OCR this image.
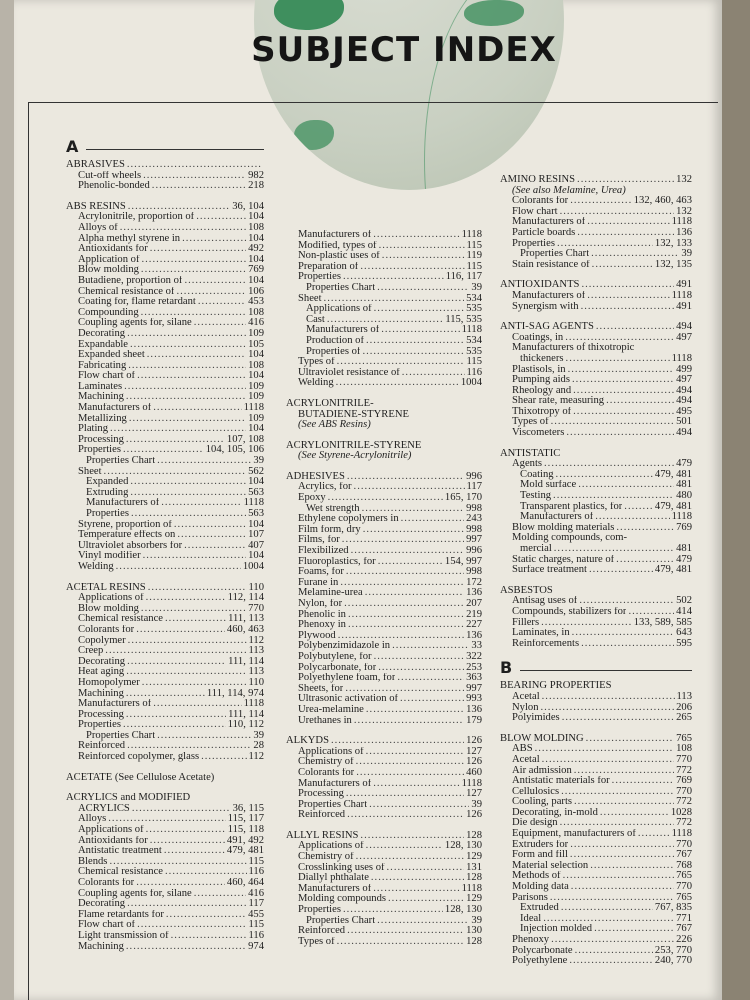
SUBJECT INDEX
A
ABRASIVES
.....
Cut-off wheels .....	982
Phenolic-bonded .....	218
ABS RESINS .....	36, 104
Acrylonitrile, proportion of .....	104
Alloys of .....	108
Alpha methyl styrene in .....	104
Antioxidants for .....	492
Application of .....	104
Blow molding .....	769
Butadiene, proportion of .....	104
Chemical resistance of .....	106
Coating for, flame retardant .....	453
Compounding .....	108
Coupling agents for, silane .....	416
Decorating .....	109
Expandable .....	105
Expanded sheet .....	104
Fabricating .....	108
Flow chart of .....	104
Laminates .....	109
Machining .....	109
Manufacturers of .....	1118
Metallizing .....	109
Plating .....	104
Processing .....	107, 108
Properties .....	104, 105, 106
Properties Chart .....	39
Sheet .....	562
Expanded .....	104
Extruding .....	563
Manufacturers of .....	1118
Properties .....	563
Styrene, proportion of .....	104
Temperature effects on .....	107
Ultraviolet absorbers for .....	407
Vinyl modifier .....	104
Welding .....	1004
ACETAL RESINS .....	110
Applications of .....	112, 114
Blow molding .....	770
Chemical resistance .....	111, 113
Colorants for .....	460, 463
Copolymer .....	112
Creep .....	113
Decorating .....	111, 114
Heat aging .....	113
Homopolymer .....	110
Machining .....	111, 114, 974
Manufacturers of .....	1118
Processing .....	111, 114
Properties .....	110, 112
Properties Chart .....	39
Reinforced .....	28
Reinforced copolymer, glass .....	112
ACETATE (See Cellulose Acetate)
ACRYLICS and MODIFIED
ACRYLICS .....	36, 115
Alloys .....	115, 117
Applications of .....	115, 118
Antioxidants for .....	491, 492
Antistatic treatment .....	479, 481
Blends .....	115
Chemical resistance .....	116
Colorants for .....	460, 464
Coupling agents for, silane .....	416
Decorating .....	117
Flame retardants for .....	455
Flow chart of .....	115
Light transmission of .....	116
Machining .....	974
Manufacturers of .....	1118
Modified, types of .....	115
Non-plastic uses of .....	119
Preparation of .....	115
Properties .....	116, 117
Properties Chart .....	39
Sheet .....	534
Applications of .....	535
Cast .....	115, 535
Manufacturers of .....	1118
Production of .....	534
Properties of .....	535
Types of .....	115
Ultraviolet resistance of .....	116
Welding .....	1004
ACRYLONITRILE-
BUTADIENE-STYRENE
(See ABS Resins)
ACRYLONITRILE-STYRENE
(See Styrene-Acrylonitrile)
ADHESIVES .....	996
Acrylics, for .....	117
Epoxy .....	165, 170
Wet strength .....	998
Ethylene copolymers in .....	243
Film form, dry .....	998
Films, for .....	997
Flexibilized .....	996
Fluoroplastics, for .....	154, 997
Foams, for .....	998
Furane in .....	172
Melamine-urea .....	136
Nylon, for .....	207
Phenolic in .....	219
Phenoxy in .....	227
Plywood .....	136
Polybenzimidazole in .....	33
Polybutylene, for .....	322
Polycarbonate, for .....	253
Polyethylene foam, for .....	363
Sheets, for .....	997
Ultrasonic activation of .....	993
Urea-melamine .....	136
Urethanes in .....	179
ALKYDS .....	126
Applications of .....	127
Chemistry of .....	126
Colorants for .....	460
Manufacturers of .....	1118
Processing .....	127
Properties Chart .....	39
Reinforced .....	126
ALLYL RESINS .....	128
Applications of .....	128, 130
Chemistry of .....	129
Crosslinking uses of .....	131
Diallyl phthalate .....	128
Manufacturers of .....	1118
Molding compounds .....	129
Properties .....	128, 130
Properties Chart .....	39
Reinforced .....	130
Types of .....	128
AMINO RESINS .....	132
(See also Melamine, Urea)
Colorants for .....	132, 460, 463
Flow chart .....	132
Manufacturers of .....	1118
Particle boards .....	136
Properties .....	132, 133
Properties Chart .....	39
Stain resistance of .....	132, 135
ANTIOXIDANTS .....	491
Manufacturers of .....	1118
Synergism with .....	491
ANTI-SAG AGENTS .....	494
Coatings, in .....	497
Manufacturers of thixotropic
thickeners .....	1118
Plastisols, in .....	499
Pumping aids .....	497
Rheology and .....	494
Shear rate, measuring .....	494
Thixotropy of .....	495
Types of .....	501
Viscometers .....	494
ANTISTATIC
Agents .....	479
Coating .....	479, 481
Mold surface .....	481
Testing .....	480
Transparent plastics, for .....	479, 481
Manufacturers of .....	1118
Blow molding materials .....	769
Molding compounds, com-
mercial .....	481
Static charges, nature of .....	479
Surface treatment .....	479, 481
ASBESTOS
Antisag uses of .....	502
Compounds, stabilizers for .....	414
Fillers .....	133, 589, 585
Laminates, in .....	643
Reinforcements .....	595
B
BEARING PROPERTIES
Acetal .....	113
Nylon .....	206
Polyimides .....	265
BLOW MOLDING .....	765
ABS .....	108
Acetal .....	770
Air admission .....	772
Antistatic materials for .....	769
Cellulosics .....	770
Cooling, parts .....	772
Decorating, in-mold .....	1028
Die design .....	772
Equipment, manufacturers of .....	1118
Extruders for .....	770
Form and fill .....	767
Material selection .....	768
Methods of .....	765
Molding data .....	770
Parisons .....	765
Extruded .....	767, 835
Ideal .....	771
Injection molded .....	767
Phenoxy .....	226
Polycarbonate .....	253, 770
Polyethylene .....	240, 770
